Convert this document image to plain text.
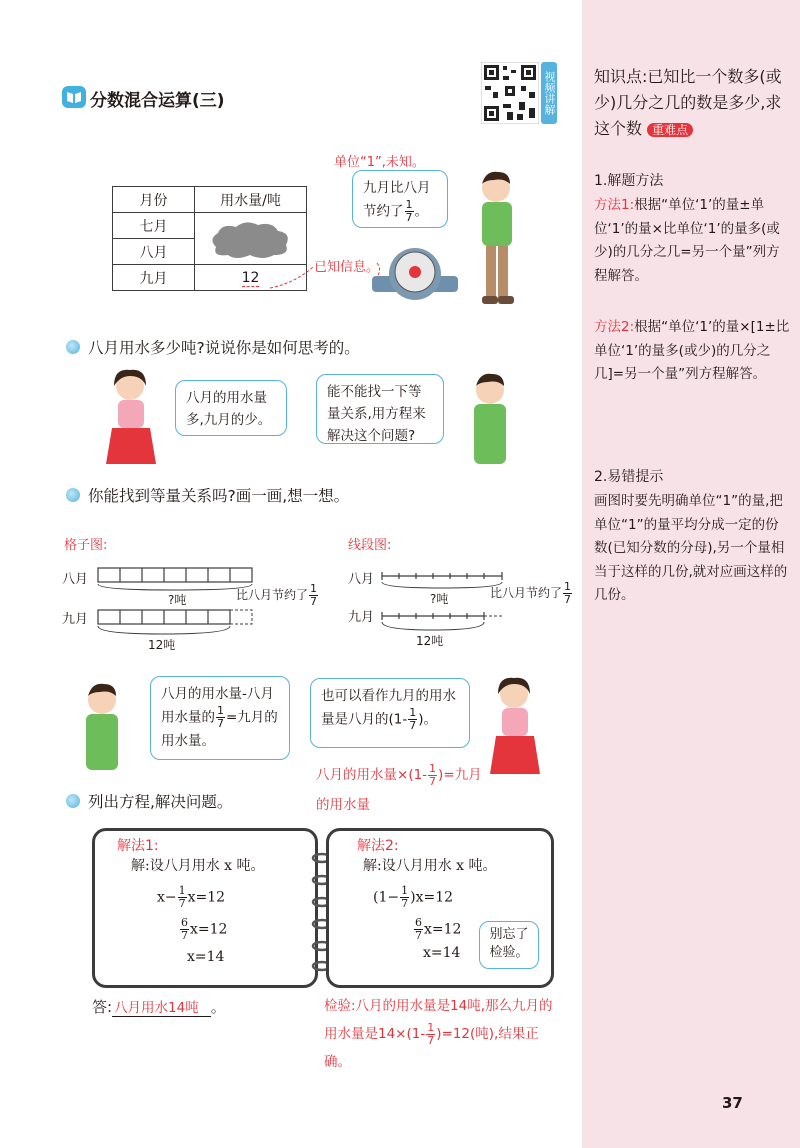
知识点:已知比一个数多(或少)几分之几的数是多少,求这个数 重难点
1.解题方法
方法1:根据“单位‘1’的量±单位‘1’的量×比单位‘1’的量多(或少)的几分之几=另一个量”列方程解答。
方法2:根据“单位‘1’的量×[1±比单位‘1’的量多(或少)的几分之几]=另一个量”列方程解答。
2.易错提示
画图时要先明确单位“1”的量,把单位“1”的量平均分成一定的份数(已知分数的分母),另一个量相当于这样的几份,就对应画这样的几份。
分数混合运算(三)	视频讲解
月份	用水量/吨
七月	

八月	
九月	12
单位“1”,未知。
已知信息。
九月比八月
节约了 $\frac{1}{7}$ 。
八月用水多少吨?说说你是如何思考的。
八月的用水量多,九月的少。
能不能找一下等量关系,用方程来解决这个问题?
你能找到等量关系吗?画一画,想一想。
格子图:	线段图:
八月
九月
?吨	比八月节约了 $\frac{1}{7}$
12吨
八月
九月
?吨	比八月节约了 $\frac{1}{7}$
12吨
八月的用水量-八月用水量的 $\frac{1}{7}$ =九月的用水量。
也可以看作九月的用水量是八月的($1- \frac{1}{7}$ )。
八月的用水量$\times(1- \frac{1}{7}$ )=九月
的用水量
列出方程,解决问题。
解法1:
解:设八月用水 x 吨。
$x- \frac{1}{7} x=12$
$\frac{6}{7} x=12$
x=14
解法2:
解:设八月用水 x 吨。
$(1- \frac{1}{7} )x=12$
$\frac{6}{7} x=12$
x=14
别忘了检验。
答: 八月用水14吨 。	检验:八月的用水量是14吨,那么九月的用水量是$14\times(1- \frac{1}{7} )=12$(吨),结果正确。
37
